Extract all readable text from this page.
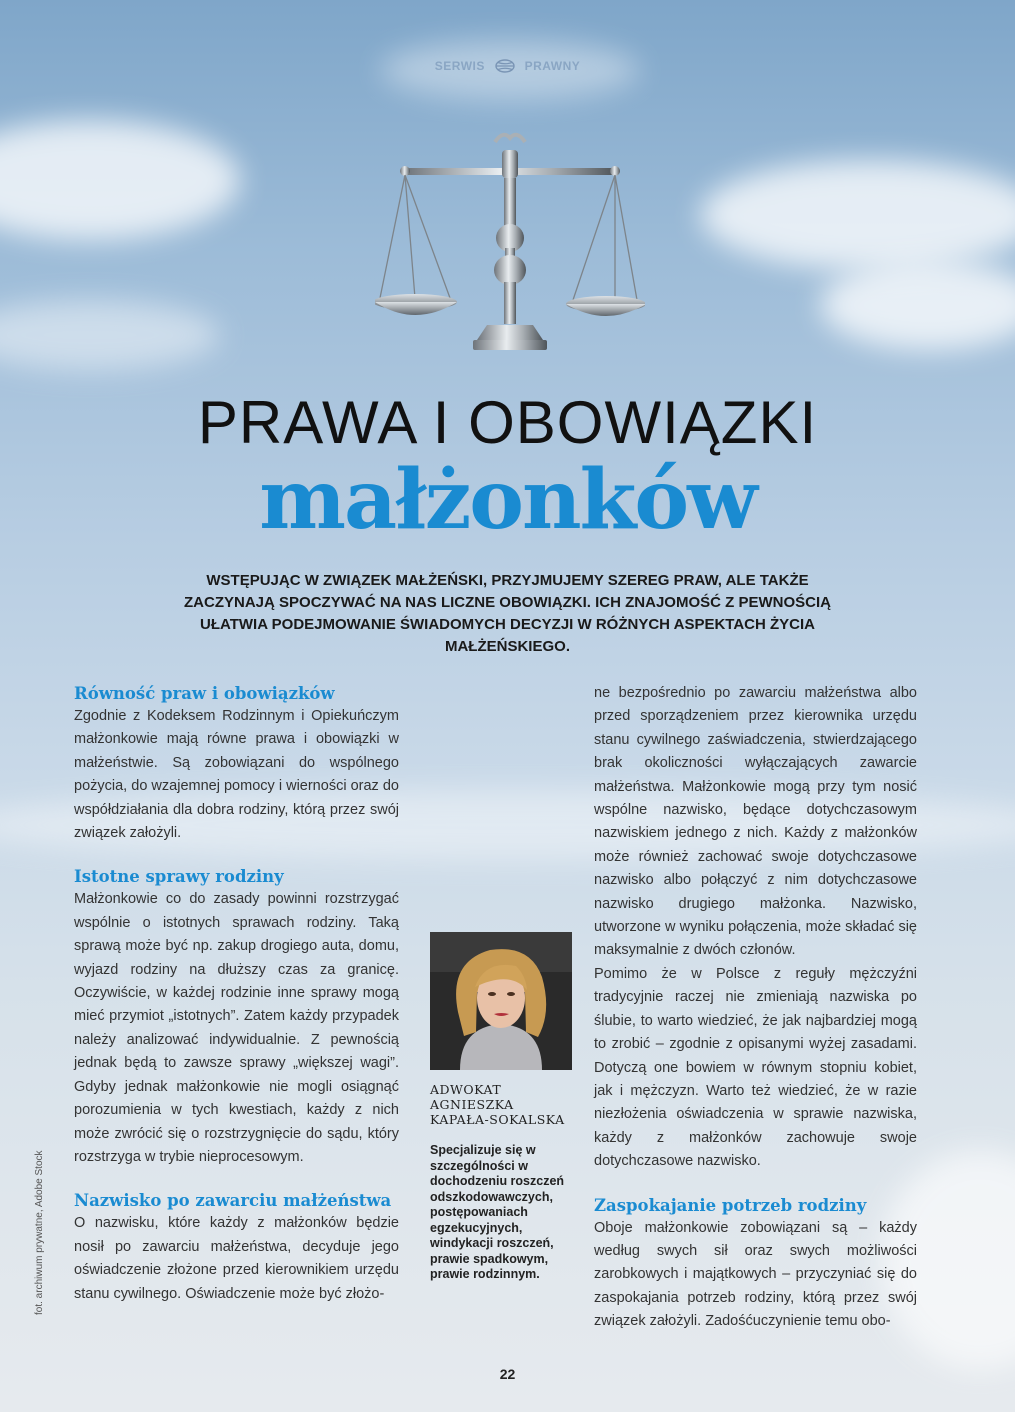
SERWIS	PRAWNY
PRAWA I OBOWIĄZKI
małżonków
WSTĘPUJĄC W ZWIĄZEK MAŁŻEŃSKI, PRZYJMUJEMY SZEREG PRAW, ALE TAKŻE ZACZYNAJĄ SPOCZYWAĆ NA NAS LICZNE OBOWIĄZKI. ICH ZNAJOMOŚĆ Z PEWNOŚCIĄ UŁATWIA PODEJMOWANIE ŚWIADOMYCH DECYZJI W RÓŻNYCH ASPEKTACH ŻYCIA MAŁŻEŃSKIEGO.
Równość praw i obowiązków

Zgodnie z Kodeksem Rodzinnym i Opiekuńczym małżonkowie mają równe prawa i obowiązki w małżeństwie. Są zobowiązani do wspólnego pożycia, do wzajemnej pomocy i wierności oraz do współdziałania dla dobra rodziny, którą przez swój związek założyli.

Istotne sprawy rodziny

Małżonkowie co do zasady powinni rozstrzygać wspólnie o istotnych sprawach rodziny. Taką sprawą może być np. zakup drogiego auta, domu, wyjazd rodziny na dłuższy czas za granicę. Oczywiście, w każdej rodzinie inne sprawy mogą mieć przymiot „istotnych”. Zatem każdy przypadek należy analizować indywidualnie. Z pewnością jednak będą to zawsze sprawy „większej wagi”. Gdyby jednak małżonkowie nie mogli osiągnąć porozumienia w tych kwestiach, każdy z nich może zwrócić się o rozstrzygnięcie do sądu, który rozstrzyga w trybie nieprocesowym.

Nazwisko po zawarciu małżeństwa

O nazwisku, które każdy z małżonków będzie nosił po zawarciu małżeństwa, decyduje jego oświadczenie złożone przed kierownikiem urzędu stanu cywilnego. Oświadczenie może być złożo-

ADWOKAT
AGNIESZKA
KAPAŁA-SOKALSKA
Specjalizuje się w szczególności w dochodzeniu roszczeń odszkodowawczych, postępowaniach egzekucyjnych, windykacji roszczeń, prawie spadkowym, prawie rodzinnym.

ne bezpośrednio po zawarciu małżeństwa albo przed sporządzeniem przez kierownika urzędu stanu cywilnego zaświadczenia, stwierdzającego brak okoliczności wyłączających zawarcie małżeństwa. Małżonkowie mogą przy tym nosić wspólne nazwisko, będące dotychczasowym nazwiskiem jednego z nich. Każdy z małżonków może również zachować swoje dotychczasowe nazwisko albo połączyć z nim dotychczasowe nazwisko drugiego małżonka. Nazwisko, utworzone w wyniku połączenia, może składać się maksymalnie z dwóch członów.

Pomimo że w Polsce z reguły mężczyźni tradycyjnie raczej nie zmieniają nazwiska po ślubie, to warto wiedzieć, że jak najbardziej mogą to zrobić – zgodnie z opisanymi wyżej zasadami. Dotyczą one bowiem w równym stopniu kobiet, jak i mężczyzn. Warto też wiedzieć, że w razie niezłożenia oświadczenia w sprawie nazwiska, każdy z małżonków zachowuje swoje dotychczasowe nazwisko.

Zaspokajanie potrzeb rodziny

Oboje małżonkowie zobowiązani są – każdy według swych sił oraz swych możliwości zarobkowych i majątkowych – przyczyniać się do zaspokajania potrzeb rodziny, którą przez swój związek założyli. Zadośćuczynienie temu obo-

fot. archiwum prywatne, Adobe Stock
22
